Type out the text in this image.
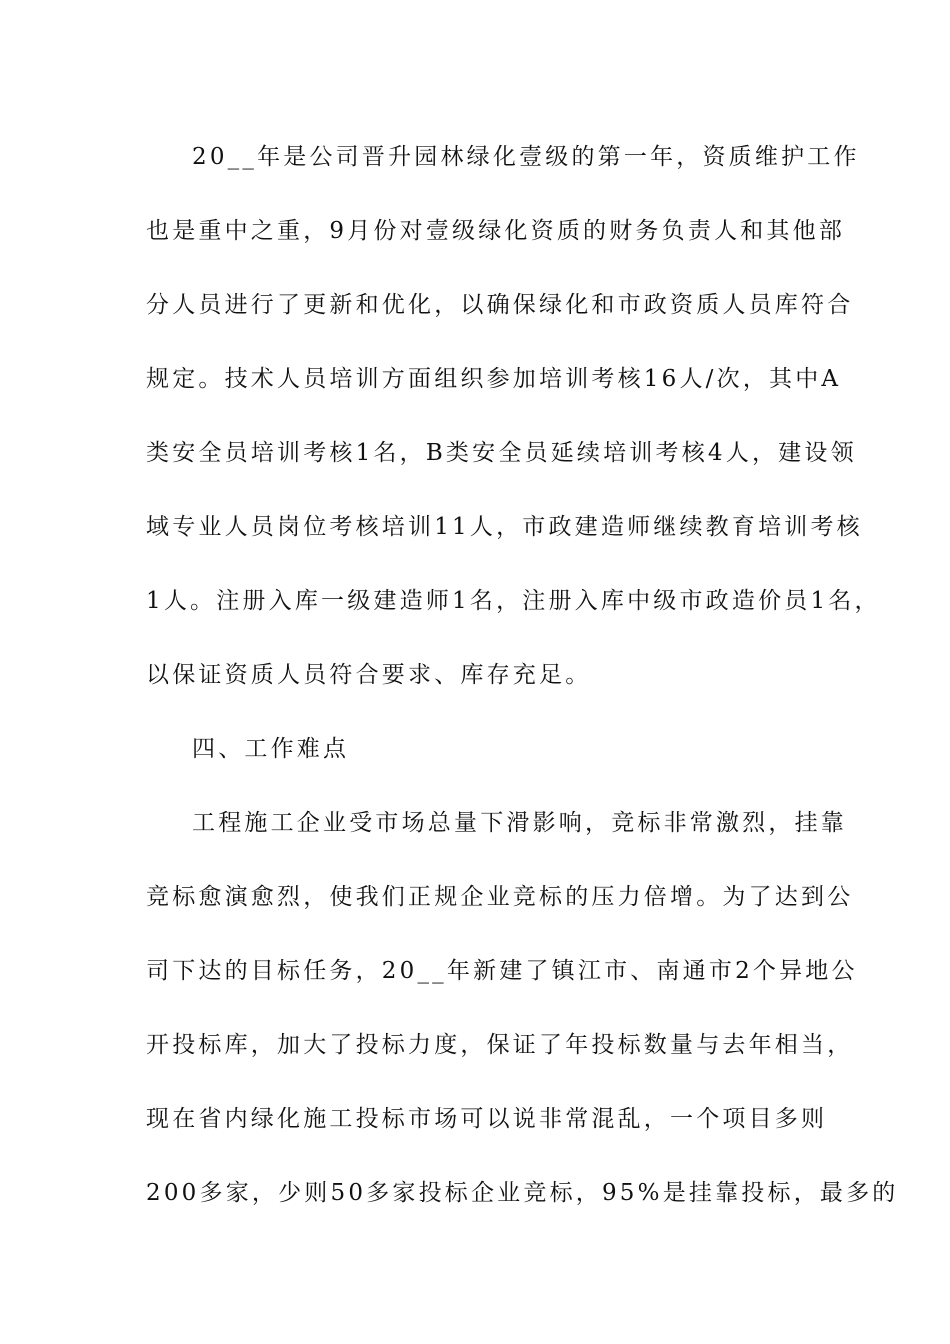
20__年是公司晋升园林绿化壹级的第一年，资质维护工作
也是重中之重，9月份对壹级绿化资质的财务负责人和其他部
分人员进行了更新和优化，以确保绿化和市政资质人员库符合
规定。技术人员培训方面组织参加培训考核16人/次，其中A
类安全员培训考核1名，B类安全员延续培训考核4人，建设领
域专业人员岗位考核培训11人，市政建造师继续教育培训考核
1人。注册入库一级建造师1名，注册入库中级市政造价员1名，
以保证资质人员符合要求、库存充足。
四、工作难点
工程施工企业受市场总量下滑影响，竞标非常激烈，挂靠
竞标愈演愈烈，使我们正规企业竞标的压力倍增。为了达到公
司下达的目标任务，20__年新建了镇江市、南通市2个异地公
开投标库，加大了投标力度，保证了年投标数量与去年相当，
现在省内绿化施工投标市场可以说非常混乱，一个项目多则
200多家，少则50多家投标企业竞标，95%是挂靠投标，最多的
